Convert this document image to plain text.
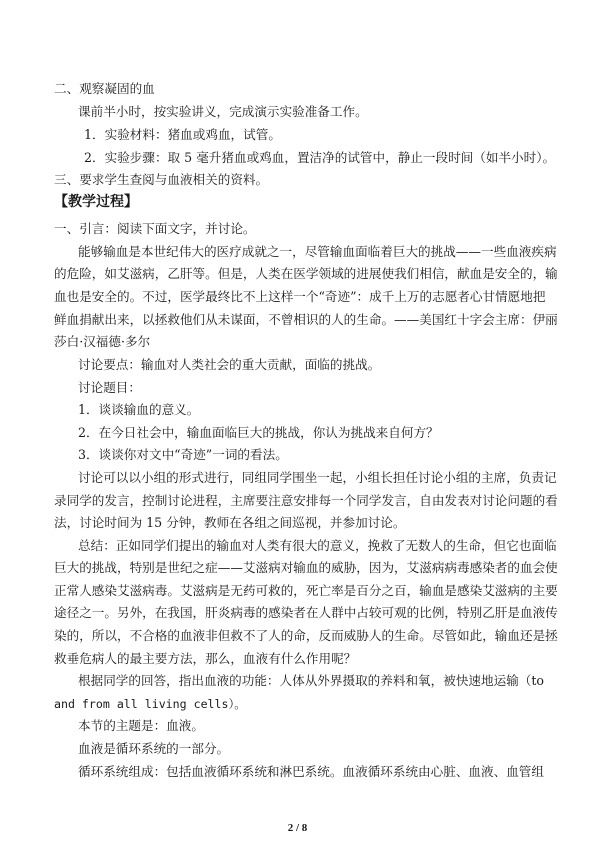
二、观察凝固的血
课前半小时，按实验讲义，完成演示实验准备工作。
1．实验材料：猪血或鸡血，试管。
2．实验步骤：取 5 毫升猪血或鸡血，置洁净的试管中，静止一段时间（如半小时）。
三、要求学生查阅与血液相关的资料。
【教学过程】
一、引言：阅读下面文字，并讨论。
能够输血是本世纪伟大的医疗成就之一，尽管输血面临着巨大的挑战——一些血液疾病
的危险，如艾滋病，乙肝等。但是，人类在医学领域的进展使我们相信，献血是安全的，输
血也是安全的。不过，医学最终比不上这样一个“奇迹”：成千上万的志愿者心甘情愿地把
鲜血捐献出来，以拯救他们从未谋面，不曾相识的人的生命。——美国红十字会主席：伊丽
莎白·汉福德·多尔
讨论要点：输血对人类社会的重大贡献，面临的挑战。
讨论题目：
1．谈谈输血的意义。
2．在今日社会中，输血面临巨大的挑战，你认为挑战来自何方？
3．谈谈你对文中“奇迹”一词的看法。
讨论可以以小组的形式进行，同组同学围坐一起，小组长担任讨论小组的主席，负责记
录同学的发言，控制讨论进程，主席要注意安排每一个同学发言，自由发表对讨论问题的看
法，讨论时间为 15 分钟，教师在各组之间巡视，并参加讨论。
总结：正如同学们提出的输血对人类有很大的意义，挽救了无数人的生命，但它也面临
巨大的挑战，特别是世纪之症——艾滋病对输血的威胁，因为，艾滋病病毒感染者的血会使
正常人感染艾滋病毒。艾滋病是无药可救的，死亡率是百分之百，输血是感染艾滋病的主要
途径之一。另外，在我国，肝炎病毒的感染者在人群中占较可观的比例，特别乙肝是血液传
染的，所以，不合格的血液非但救不了人的命，反而威胁人的生命。尽管如此，输血还是拯
救垂危病人的最主要方法，那么，血液有什么作用呢？
根据同学的回答，指出血液的功能：人体从外界摄取的养料和氧，被快速地运输（to
and from all living cells）。
本节的主题是：血液。
血液是循环系统的一部分。
循环系统组成：包括血液循环系统和淋巴系统。血液循环系统由心脏、血液、血管组
2 / 8
